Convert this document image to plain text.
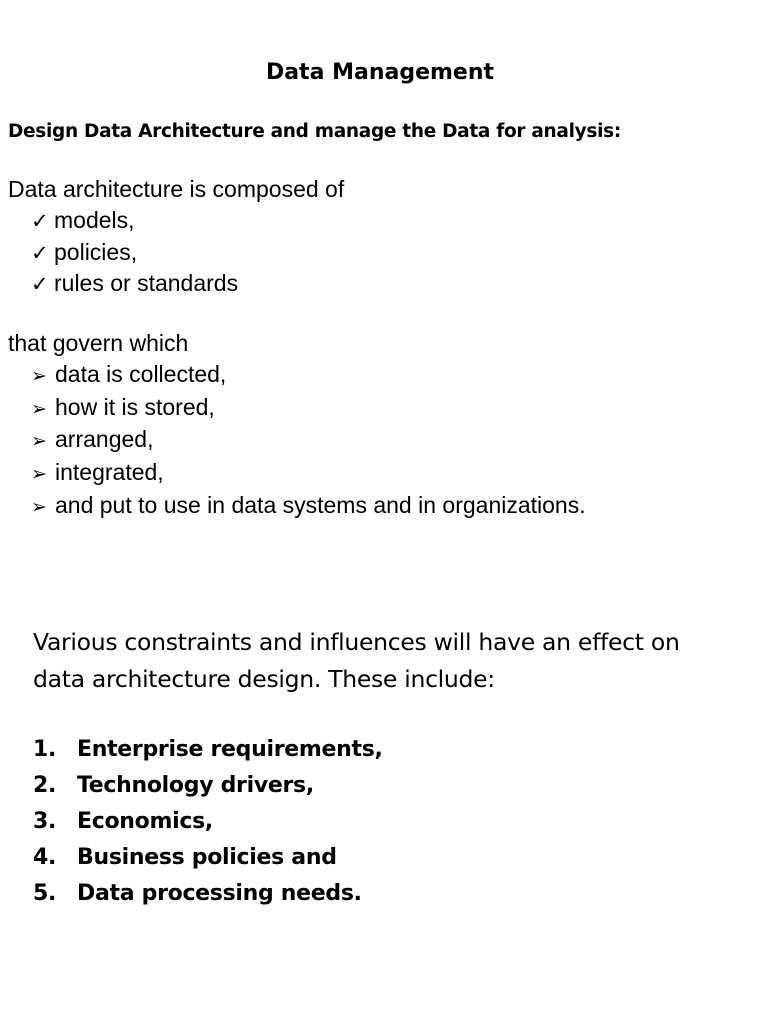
Data Management
Design Data Architecture and manage the Data for analysis:
Data architecture is composed of
✓ models,
✓ policies,
✓ rules or standards
that govern which
➢ data is collected,
➢ how it is stored,
➢ arranged,
➢ integrated,
➢ and put to use in data systems and in organizations.
Various constraints and influences will have an effect on data architecture design. These include:
1. Enterprise requirements,
2. Technology drivers,
3. Economics,
4. Business policies and
5. Data processing needs.
